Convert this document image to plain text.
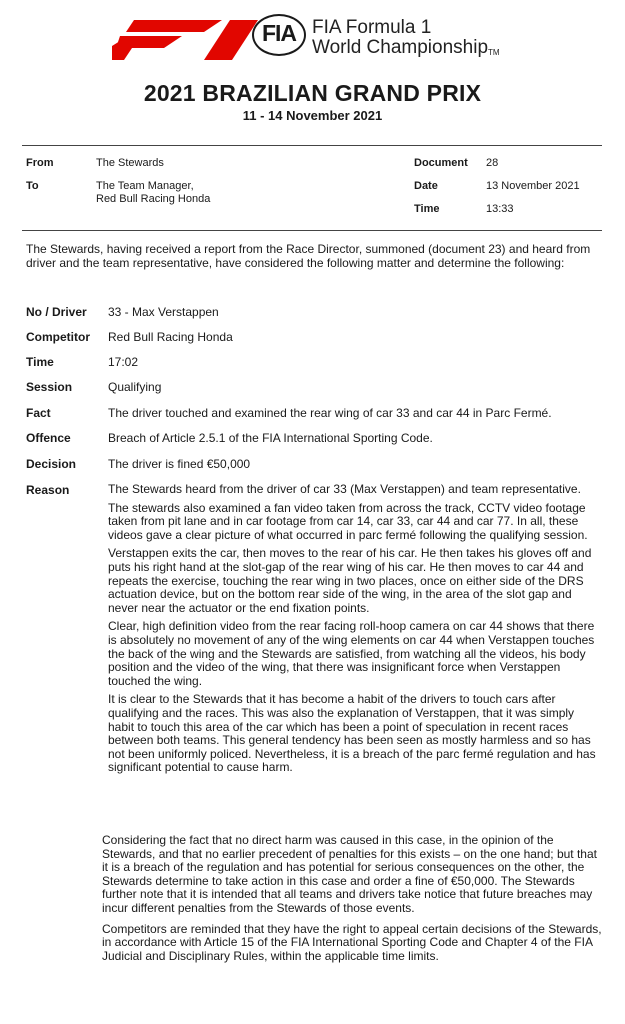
FIA FIA Formula 1
World Championship™
2021 BRAZILIAN GRAND PRIX
11 - 14 November 2021
From	The Stewards
To	The Team Manager,
Red Bull Racing Honda
Document 28
Date	13 November 2021
Time	13:33
The Stewards, having received a report from the Race Director, summoned (document 23) and heard from driver and the team representative, have considered the following matter and determine the following:
No / Driver 33 - Max Verstappen
Competitor Red Bull Racing Honda
Time	17:02
Session	Qualifying
Fact	The driver touched and examined the rear wing of car 33 and car 44 in Parc Fermé.
Offence	Breach of Article 2.5.1 of the FIA International Sporting Code.
Decision	The driver is fined €50,000
Reason	The Stewards heard from the driver of car 33 (Max Verstappen) and team representative.

The stewards also examined a fan video taken from across the track, CCTV video footage taken from pit lane and in car footage from car 14, car 33, car 44 and car 77. In all, these videos gave a clear picture of what occurred in parc fermé following the qualifying session.

Verstappen exits the car, then moves to the rear of his car. He then takes his gloves off and puts his right hand at the slot-gap of the rear wing of his car. He then moves to car 44 and repeats the exercise, touching the rear wing in two places, once on either side of the DRS actuation device, but on the bottom rear side of the wing, in the area of the slot gap and never near the actuator or the end fixation points.

Clear, high definition video from the rear facing roll-hoop camera on car 44 shows that there is absolutely no movement of any of the wing elements on car 44 when Verstappen touches the back of the wing and the Stewards are satisfied, from watching all the videos, his body position and the video of the wing, that there was insignificant force when Verstappen touched the wing.

It is clear to the Stewards that it has become a habit of the drivers to touch cars after qualifying and the races. This was also the explanation of Verstappen, that it was simply habit to touch this area of the car which has been a point of speculation in recent races between both teams. This general tendency has been seen as mostly harmless and so has not been uniformly policed. Nevertheless, it is a breach of the parc fermé regulation and has significant potential to cause harm.

Considering the fact that no direct harm was caused in this case, in the opinion of the Stewards, and that no earlier precedent of penalties for this exists – on the one hand; but that it is a breach of the regulation and has potential for serious consequences on the other, the Stewards determine to take action in this case and order a fine of €50,000. The Stewards further note that it is intended that all teams and drivers take notice that future breaches may incur different penalties from the Stewards of those events.

Competitors are reminded that they have the right to appeal certain decisions of the Stewards, in accordance with Article 15 of the FIA International Sporting Code and Chapter 4 of the FIA Judicial and Disciplinary Rules, within the applicable time limits.
